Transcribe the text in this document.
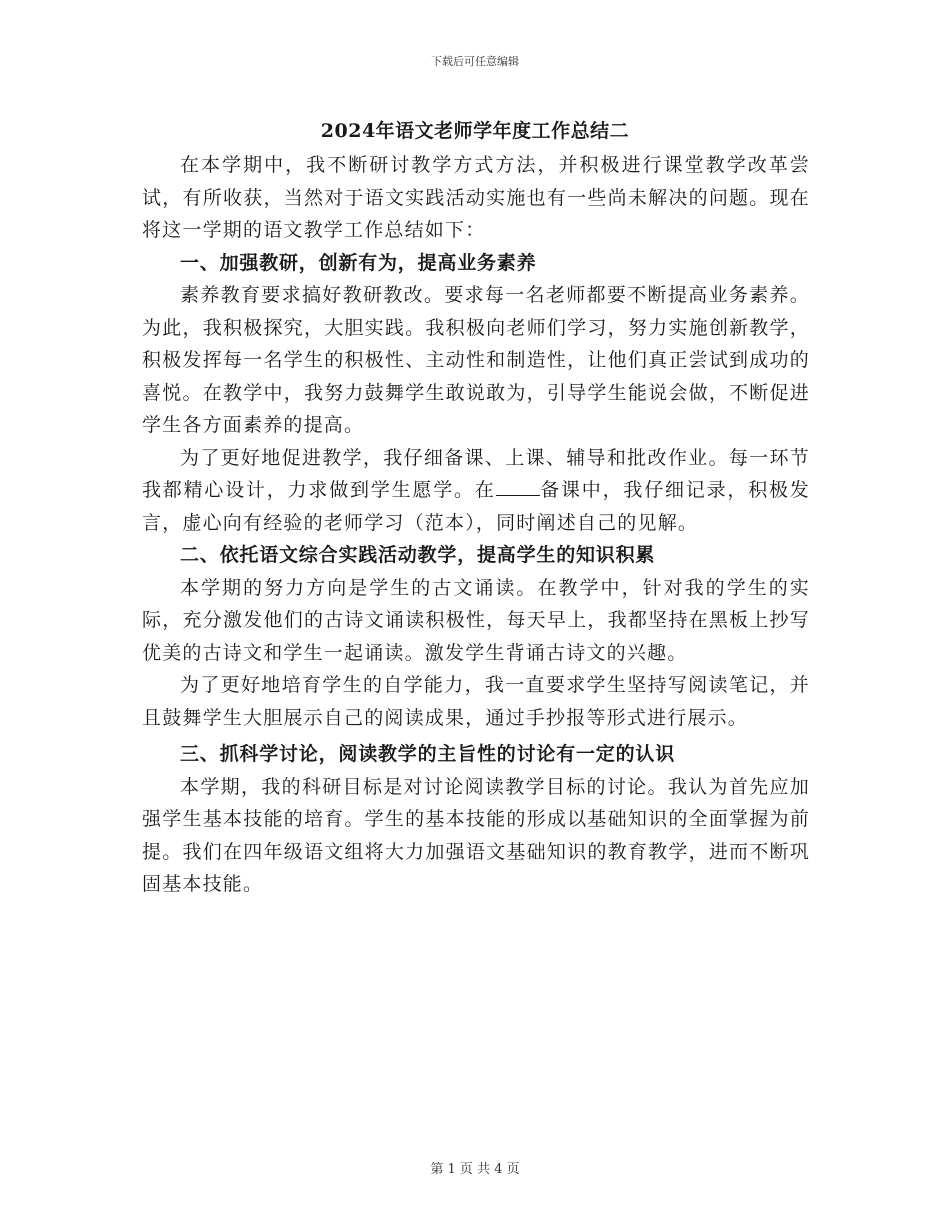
下载后可任意编辑
2024年语文老师学年度工作总结二

在本学期中，我不断研讨教学方式方法，并积极进行课堂教学改革尝试，有所收获，当然对于语文实践活动实施也有一些尚未解决的问题。现在将这一学期的语文教学工作总结如下：

一、加强教研，创新有为，提高业务素养

素养教育要求搞好教研教改。要求每一名老师都要不断提高业务素养。为此，我积极探究，大胆实践。我积极向老师们学习，努力实施创新教学，积极发挥每一名学生的积极性、主动性和制造性，让他们真正尝试到成功的喜悦。在教学中，我努力鼓舞学生敢说敢为，引导学生能说会做，不断促进学生各方面素养的提高。

为了更好地促进教学，我仔细备课、上课、辅导和批改作业。每一环节我都精心设计，力求做到学生愿学。在 备课中，我仔细记录，积极发言，虚心向有经验的老师学习（范本），同时阐述自己的见解。

二、依托语文综合实践活动教学，提高学生的知识积累

本学期的努力方向是学生的古文诵读。在教学中，针对我的学生的实际，充分激发他们的古诗文诵读积极性，每天早上，我都坚持在黑板上抄写优美的古诗文和学生一起诵读。激发学生背诵古诗文的兴趣。

为了更好地培育学生的自学能力，我一直要求学生坚持写阅读笔记，并且鼓舞学生大胆展示自己的阅读成果，通过手抄报等形式进行展示。

三、抓科学讨论，阅读教学的主旨性的讨论有一定的认识

本学期，我的科研目标是对讨论阅读教学目标的讨论。我认为首先应加强学生基本技能的培育。学生的基本技能的形成以基础知识的全面掌握为前提。我们在四年级语文组将大力加强语文基础知识的教育教学，进而不断巩固基本技能。

第 1 页 共 4 页
